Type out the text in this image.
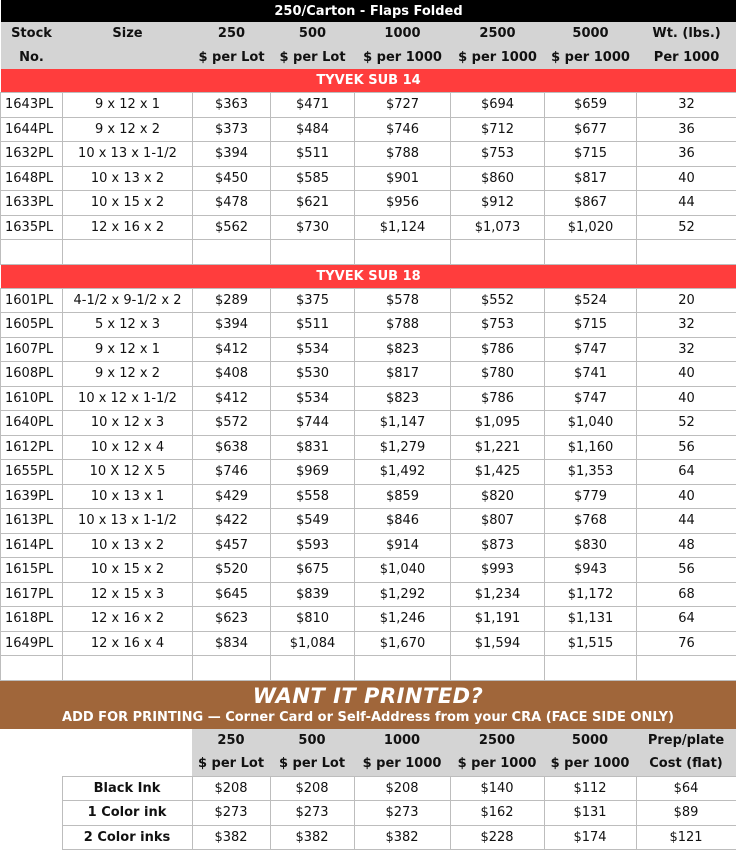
250/Carton - Flaps Folded							
Stock	Size	250	500	1000	2500	5000	Wt. (lbs.)
No.		$ per Lot	$ per Lot	$ per 1000	$ per 1000	$ per 1000	Per 1000
TYVEK SUB 14							
1643PL	9 x 12 x 1	$363	$471	$727	$694	$659	32
1644PL	9 x 12 x 2	$373	$484	$746	$712	$677	36
1632PL	10 x 13 x 1-1/2	$394	$511	$788	$753	$715	36
1648PL	10 x 13 x 2	$450	$585	$901	$860	$817	40
1633PL	10 x 15 x 2	$478	$621	$956	$912	$867	44
1635PL	12 x 16 x 2	$562	$730	$1,124	$1,073	$1,020	52

TYVEK SUB 18							
1601PL	4-1/2 x 9-1/2 x 2	$289	$375	$578	$552	$524	20
1605PL	5 x 12 x 3	$394	$511	$788	$753	$715	32
1607PL	9 x 12 x 1	$412	$534	$823	$786	$747	32
1608PL	9 x 12 x 2	$408	$530	$817	$780	$741	40
1610PL	10 x 12 x 1-1/2	$412	$534	$823	$786	$747	40
1640PL	10 x 12 x 3	$572	$744	$1,147	$1,095	$1,040	52
1612PL	10 x 12 x 4	$638	$831	$1,279	$1,221	$1,160	56
1655PL	10 X 12 X 5	$746	$969	$1,492	$1,425	$1,353	64
1639PL	10 x 13 x 1	$429	$558	$859	$820	$779	40
1613PL	10 x 13 x 1-1/2	$422	$549	$846	$807	$768	44
1614PL	10 x 13 x 2	$457	$593	$914	$873	$830	48
1615PL	10 x 15 x 2	$520	$675	$1,040	$993	$943	56
1617PL	12 x 15 x 3	$645	$839	$1,292	$1,234	$1,172	68
1618PL	12 x 16 x 2	$623	$810	$1,246	$1,191	$1,131	64
1649PL	12 x 16 x 4	$834	$1,084	$1,670	$1,594	$1,515	76

WANT IT PRINTED?
ADD FOR PRINTING — Corner Card or Self-Address from your CRA (FACE SIDE ONLY)
		250	500	1000	2500	5000	Prep/plate
		$ per Lot	$ per Lot	$ per 1000	$ per 1000	$ per 1000	Cost (flat)
	Black Ink	$208	$208	$208	$140	$112	$64
	1 Color ink	$273	$273	$273	$162	$131	$89
	2 Color inks	$382	$382	$382	$228	$174	$121
